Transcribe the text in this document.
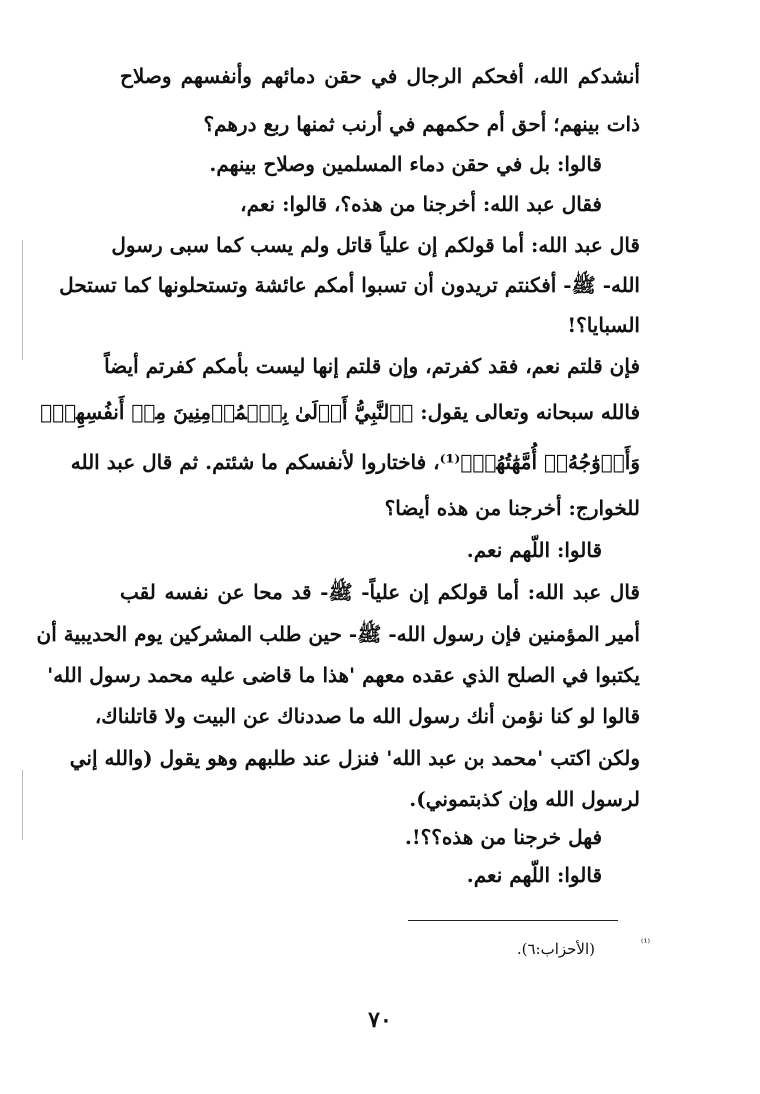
أنشدكم الله، أفحكم الرجال في حقن دمائهم وأنفسهم وصلاح
ذات بينهم؛ أحق أم حكمهم في أرنب ثمنها ربع درهم؟
قالوا: بل في حقن دماء المسلمين وصلاح بينهم.
فقال عبد الله: أخرجنا من هذه؟، قالوا: نعم،
قال عبد الله: أما قولكم إن علياً قاتل ولم يسب كما سبى رسول
الله- ﷺ- أفكنتم تريدون أن تسبوا أمكم عائشة وتستحلونها كما تستحل
السبايا؟!
فإن قلتم نعم، فقد كفرتم، وإن قلتم إنها ليست بأمكم كفرتم أيضاً
فالله سبحانه وتعالى يقول: ﴿ٱلنَّبِيُّ أَوۡلَىٰ بِٱلۡمُؤۡمِنِينَ مِنۡ أَنفُسِهِمۡۖ
وَأَزۡوَٰجُهُۥٓ أُمَّهَٰتُهُمۡ﴾⁽¹⁾، فاختاروا لأنفسكم ما شئتم. ثم قال عبد الله
للخوارج: أخرجنا من هذه أيضا؟
قالوا: اللّهم نعم.
قال عبد الله: أما قولكم إن علياً- ﷺ- قد محا عن نفسه لقب
أمير المؤمنين فإن رسول الله- ﷺ- حين طلب المشركين يوم الحديبية أن
يكتبوا في الصلح الذي عقده معهم 'هذا ما قاضى عليه محمد رسول الله'
قالوا لو كنا نؤمن أنك رسول الله ما صددناك عن البيت ولا قاتلناك،
ولكن اكتب 'محمد بن عبد الله' فنزل عند طلبهم وهو يقول (والله إني
لرسول الله وإن كذبتموني).
فهل خرجنا من هذه؟؟!.
قالوا: اللّهم نعم.
⁽¹⁾
(الأحزاب:٦).
٧٠
